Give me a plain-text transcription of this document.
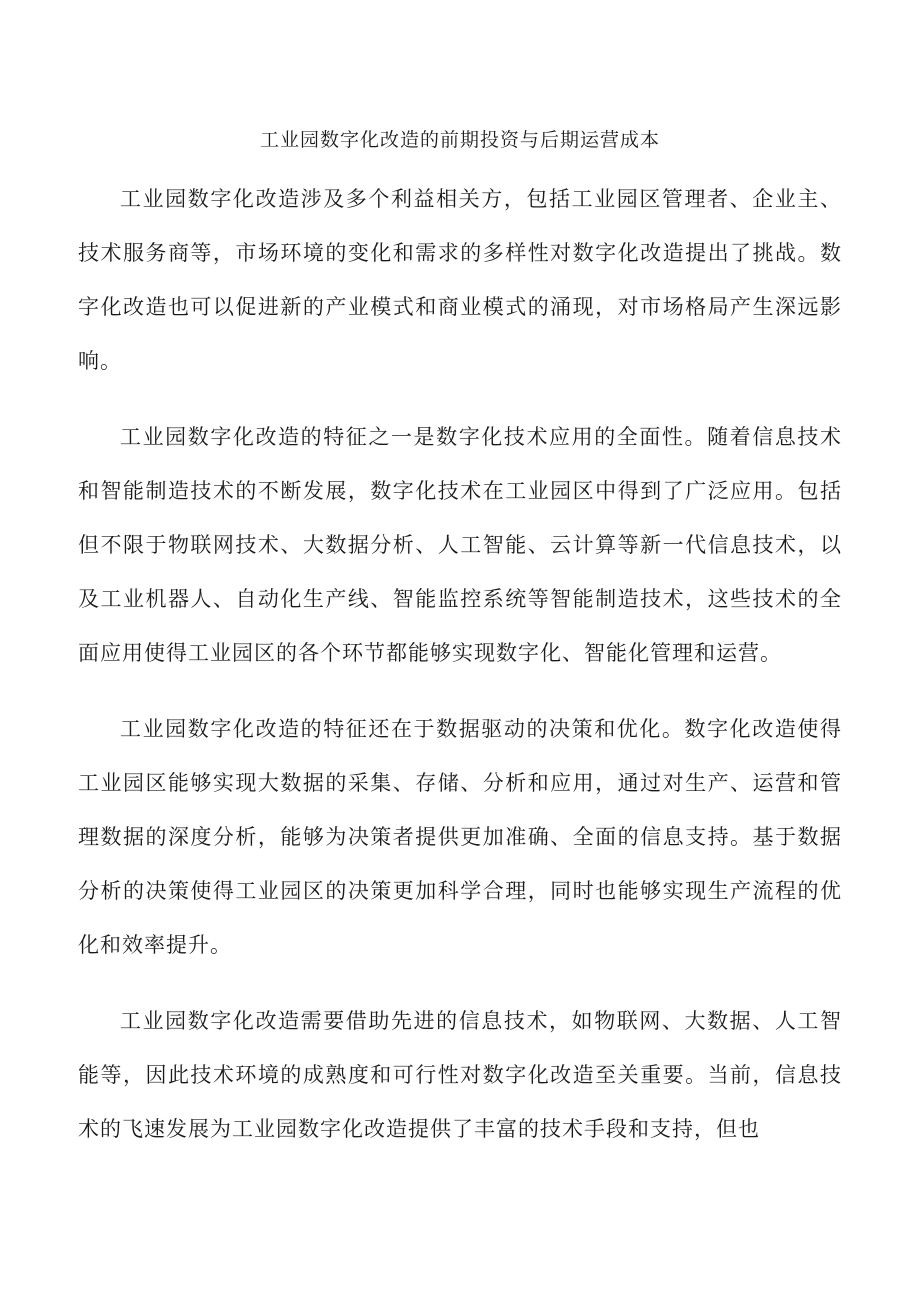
工业园数字化改造的前期投资与后期运营成本

工业园数字化改造涉及多个利益相关方，包括工业园区管理者、企业主、技术服务商等，市场环境的变化和需求的多样性对数字化改造提出了挑战。数字化改造也可以促进新的产业模式和商业模式的涌现，对市场格局产生深远影响。

工业园数字化改造的特征之一是数字化技术应用的全面性。随着信息技术和智能制造技术的不断发展，数字化技术在工业园区中得到了广泛应用。包括但不限于物联网技术、大数据分析、人工智能、云计算等新一代信息技术，以及工业机器人、自动化生产线、智能监控系统等智能制造技术，这些技术的全面应用使得工业园区的各个环节都能够实现数字化、智能化管理和运营。

工业园数字化改造的特征还在于数据驱动的决策和优化。数字化改造使得工业园区能够实现大数据的采集、存储、分析和应用，通过对生产、运营和管理数据的深度分析，能够为决策者提供更加准确、全面的信息支持。基于数据分析的决策使得工业园区的决策更加科学合理，同时也能够实现生产流程的优化和效率提升。

工业园数字化改造需要借助先进的信息技术，如物联网、大数据、人工智能等，因此技术环境的成熟度和可行性对数字化改造至关重要。当前，信息技术的飞速发展为工业园数字化改造提供了丰富的技术手段和支持，但也
